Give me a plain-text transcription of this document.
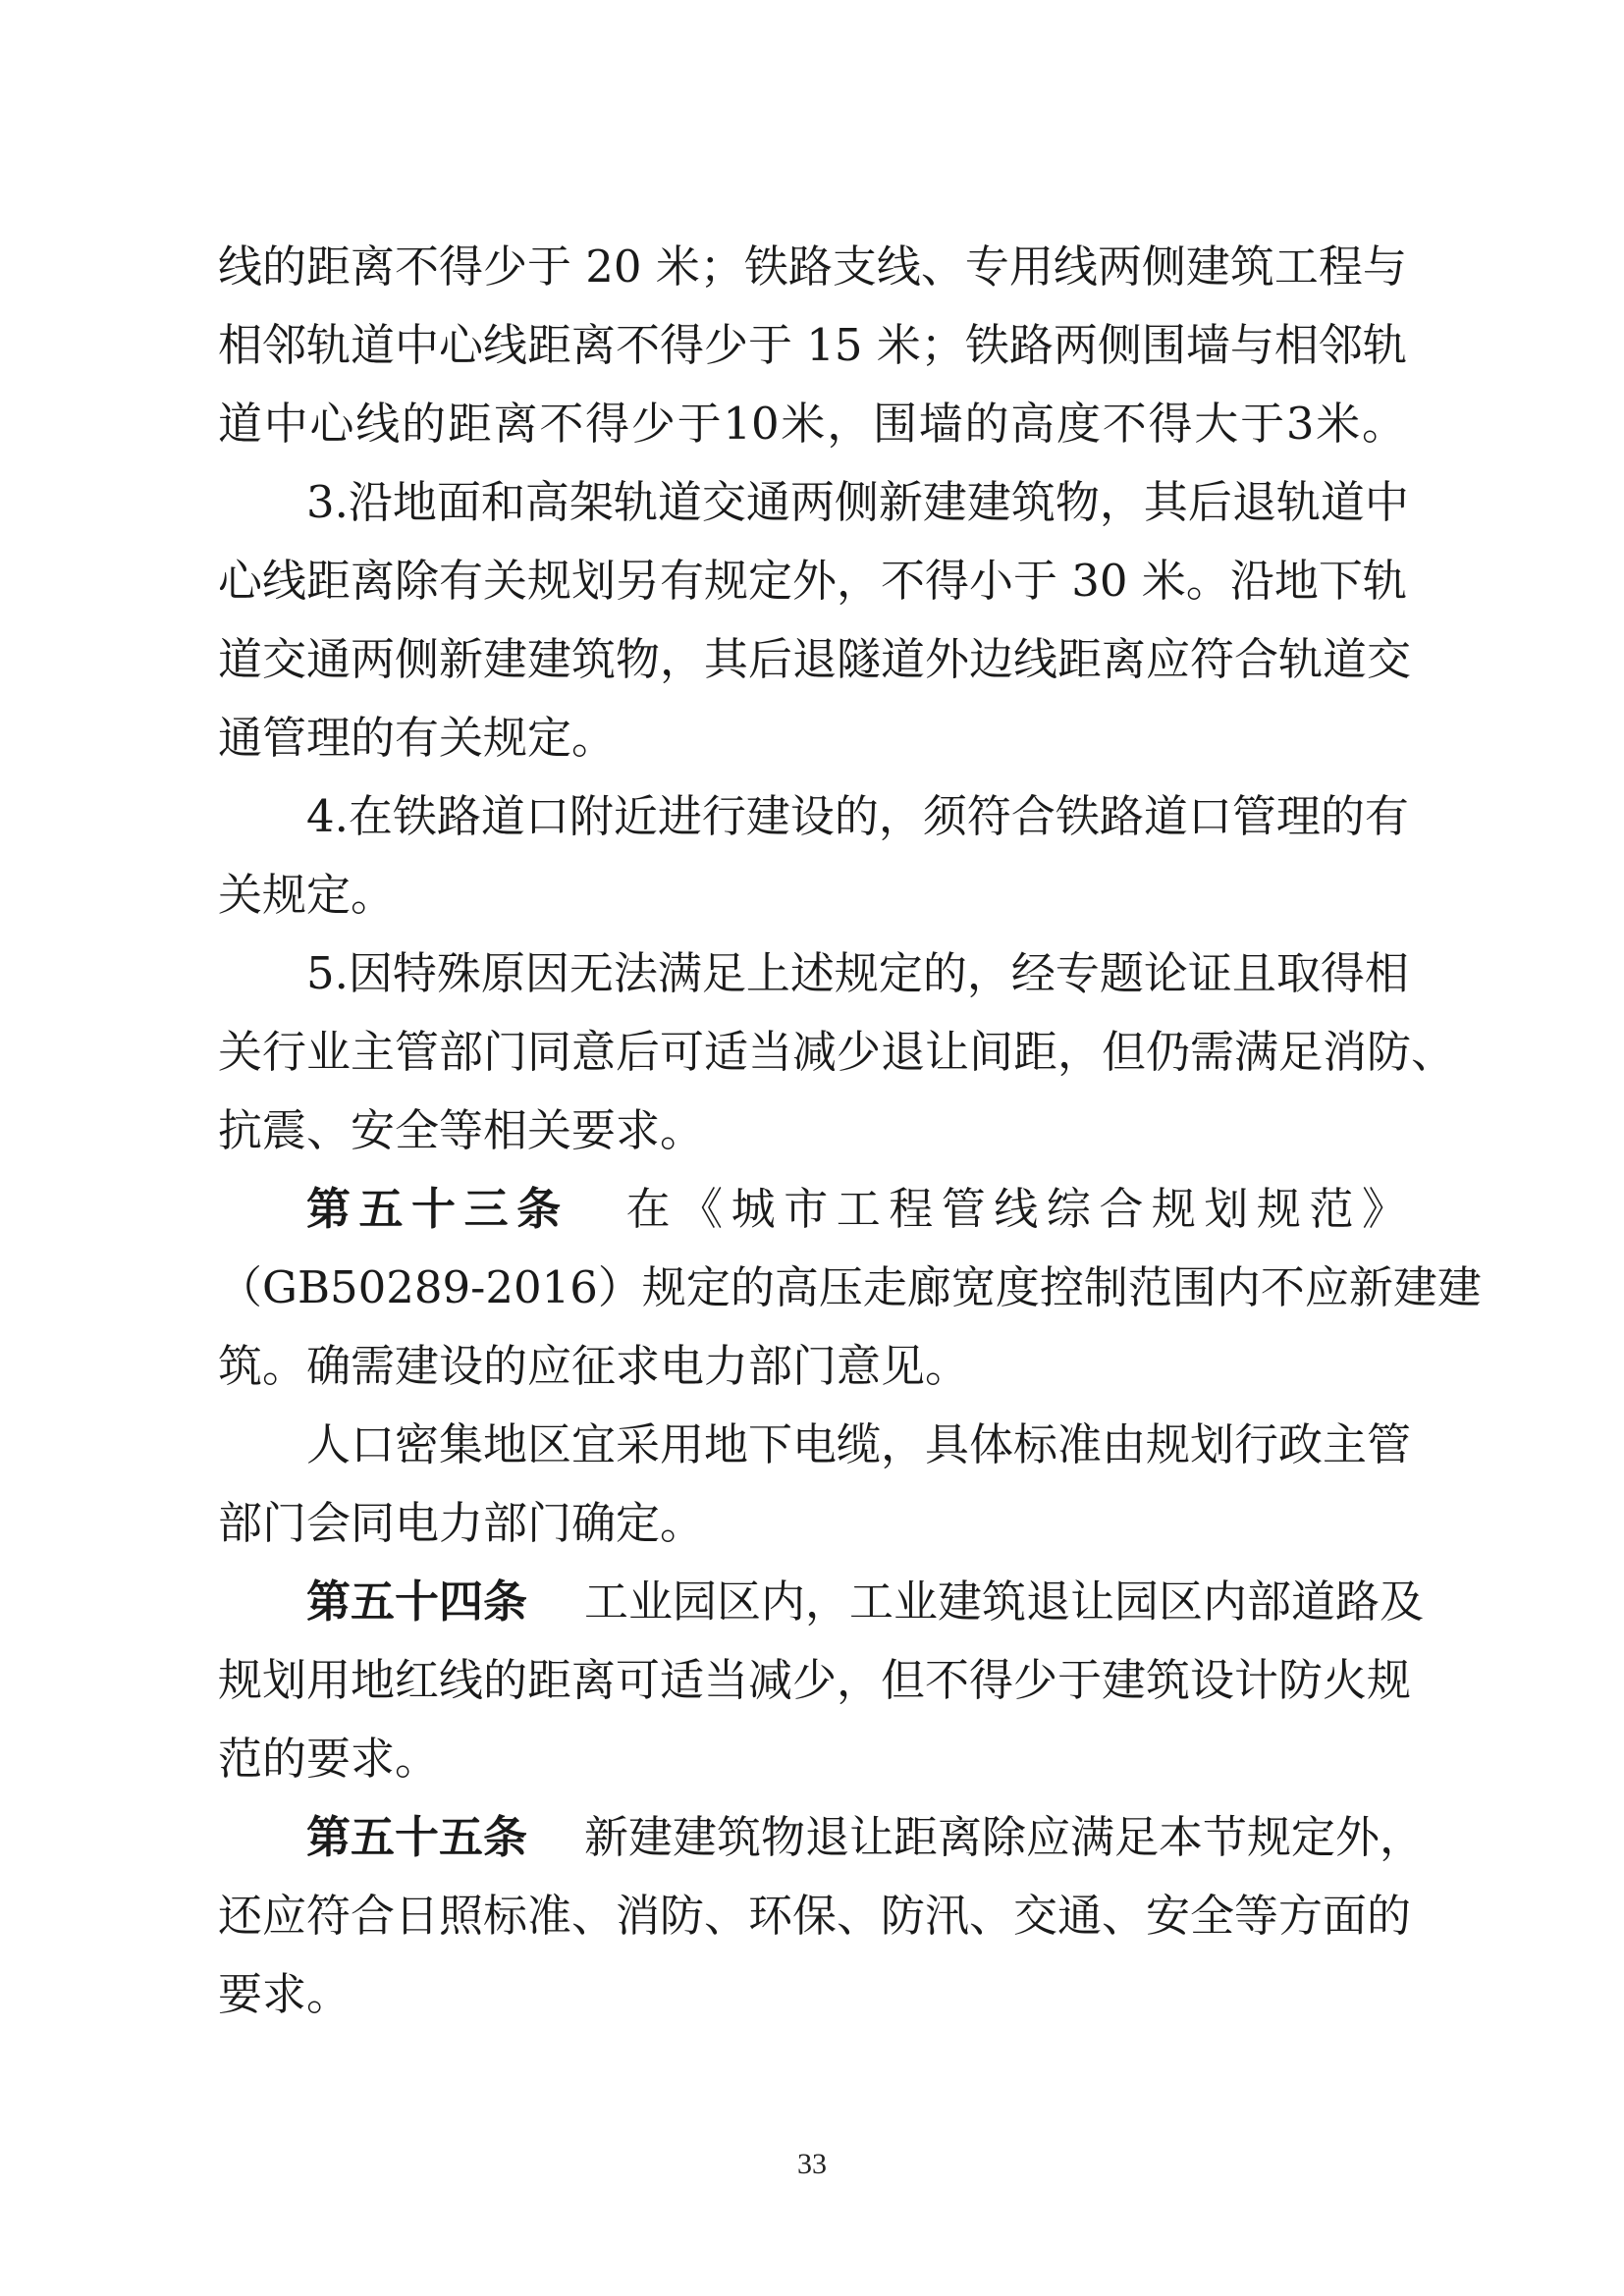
线的距离不得少于 20 米；铁路支线、专用线两侧建筑工程与
相邻轨道中心线距离不得少于 15 米；铁路两侧围墙与相邻轨
道中心线的距离不得少于10米，围墙的高度不得大于3米。
3.沿地面和高架轨道交通两侧新建建筑物，其后退轨道中
心线距离除有关规划另有规定外，不得小于 30 米。沿地下轨
道交通两侧新建建筑物，其后退隧道外边线距离应符合轨道交
通管理的有关规定。
4.在铁路道口附近进行建设的，须符合铁路道口管理的有
关规定。
5.因特殊原因无法满足上述规定的，经专题论证且取得相
关行业主管部门同意后可适当减少退让间距，但仍需满足消防、
抗震、安全等相关要求。
第五十三条 在《城市工程管线综合规划规范》
（GB50289-2016）规定的高压走廊宽度控制范围内不应新建建
筑。确需建设的应征求电力部门意见。
人口密集地区宜采用地下电缆，具体标准由规划行政主管
部门会同电力部门确定。
第五十四条 工业园区内，工业建筑退让园区内部道路及
规划用地红线的距离可适当减少，但不得少于建筑设计防火规
范的要求。
第五十五条 新建建筑物退让距离除应满足本节规定外，
还应符合日照标准、消防、环保、防汛、交通、安全等方面的
要求。
33
